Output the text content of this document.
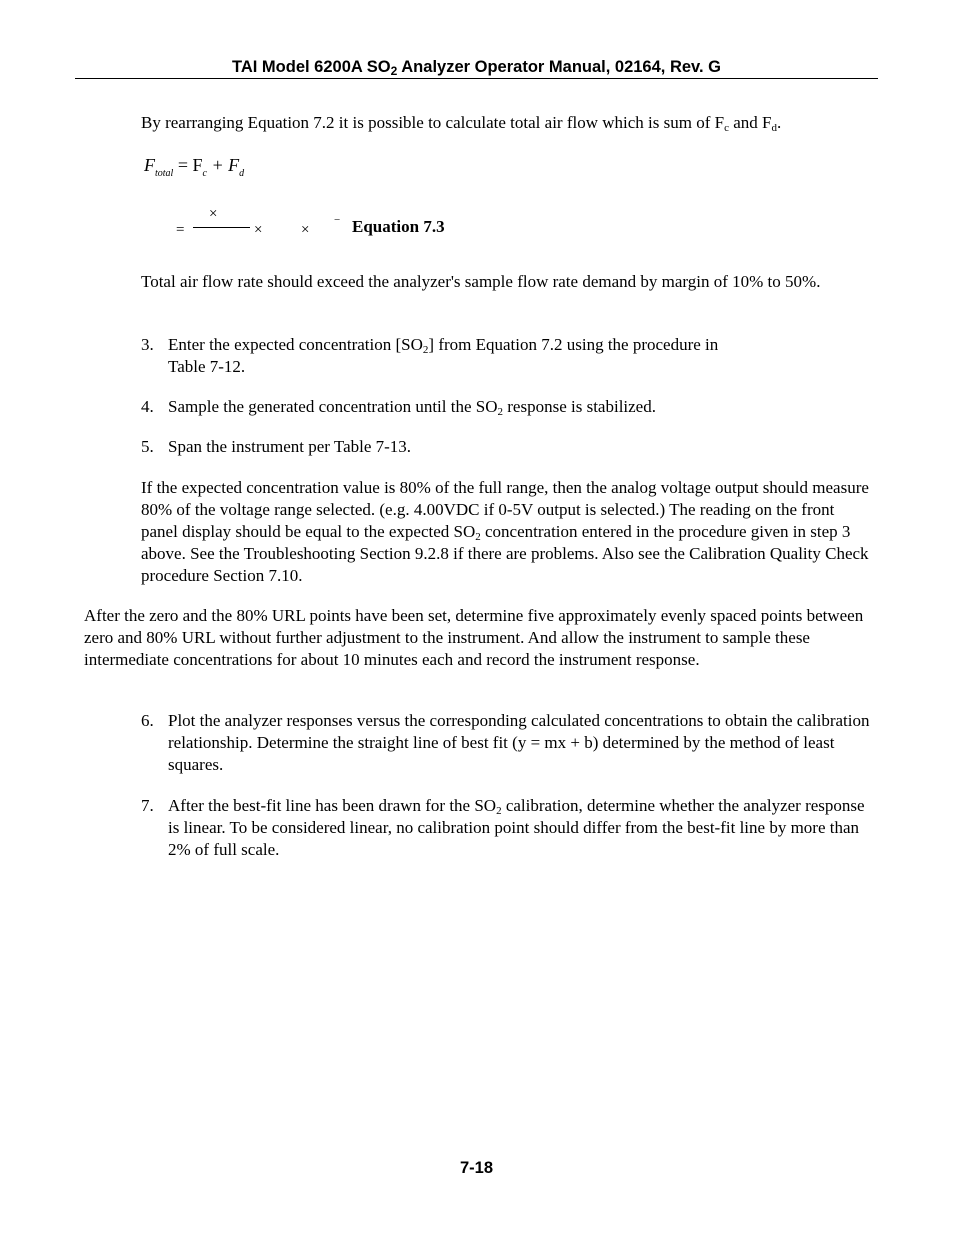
TAI Model 6200A $SO_2$ Analyzer Operator Manual, 02164, Rev. G

By rearranging Equation 7.2 it is possible to calculate total air flow which is sum of $F_c$ and $F_d$.

$F_{total} = F_c + F_d$
=
×
×	×
− Equation 7.3

Total air flow rate should exceed the analyzer's sample flow rate demand by margin of 10% to 50%.

3. Enter the expected concentration $[SO_2]$ from Equation 7.2 using the procedure in
Table 7-12.
4. Sample the generated concentration until the $SO_2$ response is stabilized.
5. Span the instrument per Table 7-13.

If the expected concentration value is 80% of the full range, then the analog voltage output should measure 80% of the voltage range selected. (e.g. 4.00VDC if 0-5V output is selected.) The reading on the front panel display should be equal to the expected $SO_2$ concentration entered in the procedure given in step 3 above. See the Troubleshooting Section 9.2.8 if there are problems. Also see the Calibration Quality Check procedure Section 7.10.

After the zero and the 80% URL points have been set, determine five approximately evenly spaced points between zero and 80% URL without further adjustment to the instrument. And allow the instrument to sample these intermediate concentrations for about 10 minutes each and record the instrument response.

6. Plot the analyzer responses versus the corresponding calculated concentrations to obtain the calibration relationship. Determine the straight line of best fit (y = mx + b) determined by the method of least squares.
7. After the best-fit line has been drawn for the $SO_2$ calibration, determine whether the analyzer response is linear. To be considered linear, no calibration point should differ from the best-fit line by more than 2% of full scale.
7-18
